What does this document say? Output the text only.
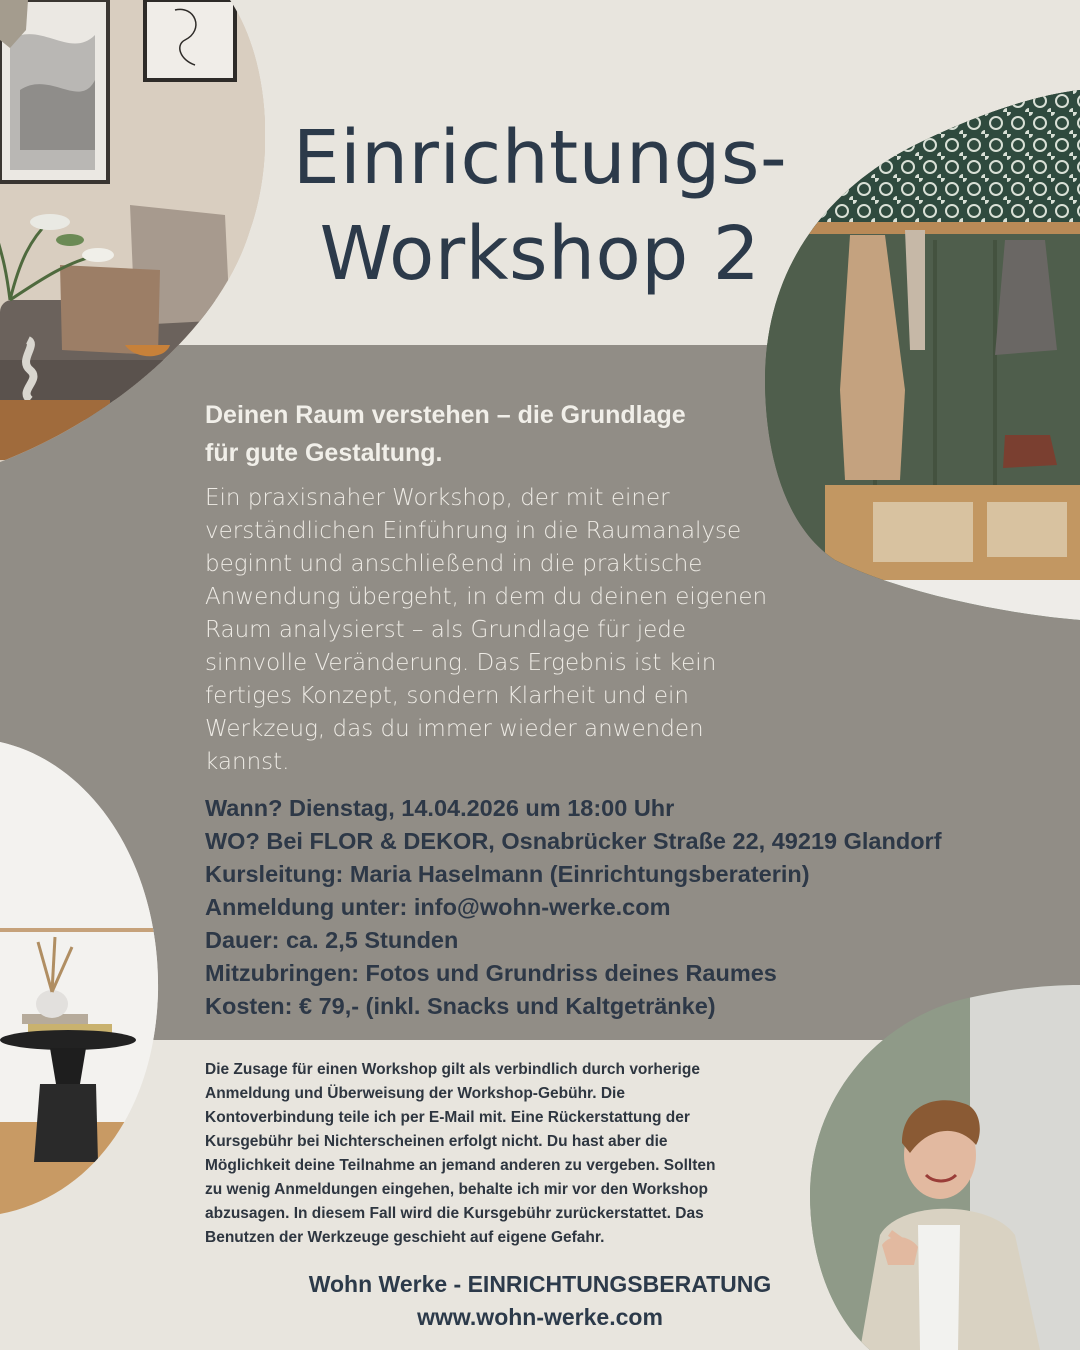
Einrichtungs-
Workshop 2
Deinen Raum verstehen – die Grundlage
für gute Gestaltung.
Ein praxisnaher Workshop, der mit einer
verständlichen Einführung in die Raumanalyse
beginnt und anschließend in die praktische
Anwendung übergeht, in dem du deinen eigenen
Raum analysierst – als Grundlage für jede
sinnvolle Veränderung. Das Ergebnis ist kein
fertiges Konzept, sondern Klarheit und ein
Werkzeug, das du immer wieder anwenden
kannst.
Wann? Dienstag, 14.04.2026 um 18:00 Uhr
WO? Bei FLOR & DEKOR, Osnabrücker Straße 22, 49219 Glandorf
Kursleitung: Maria Haselmann (Einrichtungsberaterin)
Anmeldung unter: info@wohn-werke.com
Dauer: ca. 2,5 Stunden
Mitzubringen: Fotos und Grundriss deines Raumes
Kosten: € 79,- (inkl. Snacks und Kaltgetränke)
Die Zusage für einen Workshop gilt als verbindlich durch vorherige
Anmeldung und Überweisung der Workshop-Gebühr. Die
Kontoverbindung teile ich per E-Mail mit. Eine Rückerstattung der
Kursgebühr bei Nichterscheinen erfolgt nicht. Du hast aber die
Möglichkeit deine Teilnahme an jemand anderen zu vergeben. Sollten
zu wenig Anmeldungen eingehen, behalte ich mir vor den Workshop
abzusagen. In diesem Fall wird die Kursgebühr zurückerstattet. Das
Benutzen der Werkzeuge geschieht auf eigene Gefahr.
Wohn Werke - EINRICHTUNGSBERATUNG
www.wohn-werke.com
